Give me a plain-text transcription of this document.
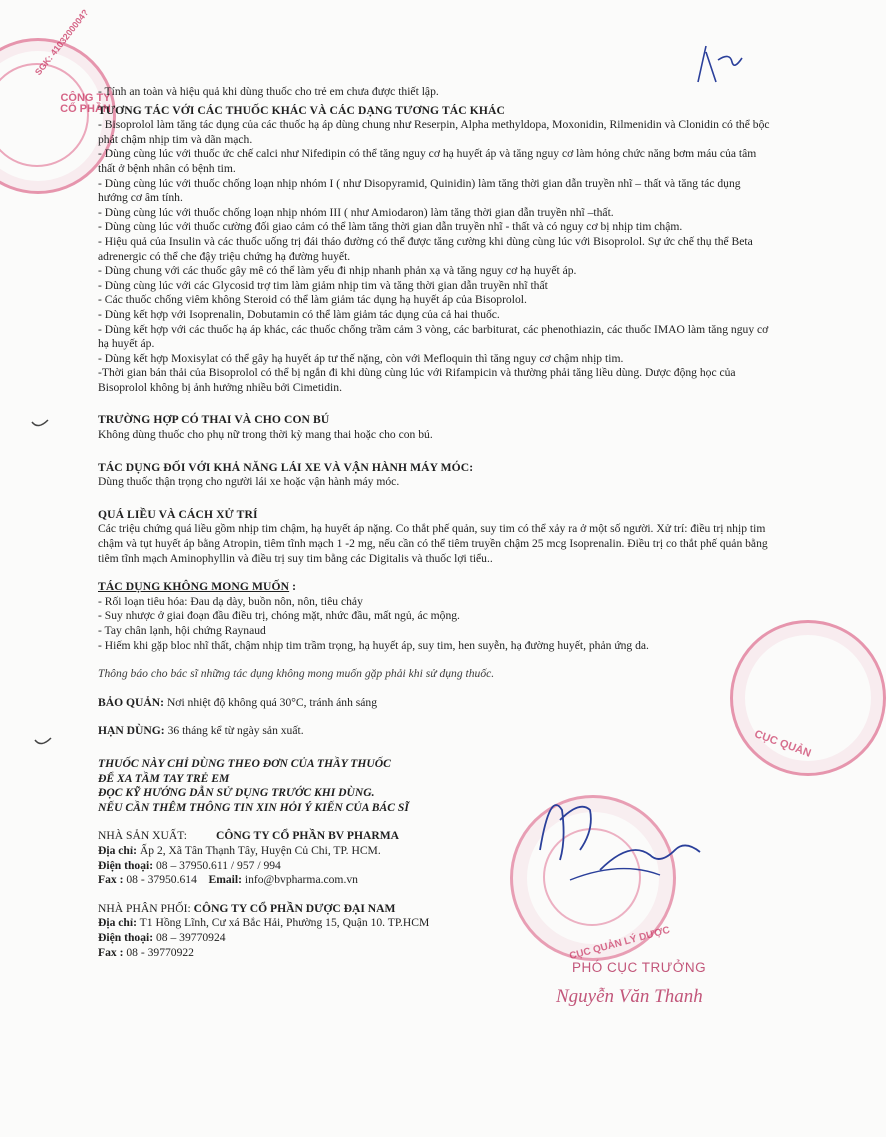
SGK: 4103200004?
CÔNG TY CỔ PHẦN
CỤC QUẢN
CỤC QUẢN LÝ DƯỢC
PHÓ CỤC TRƯỞNG
Nguyễn Văn Thanh

- Tính an toàn và hiệu quả khi dùng thuốc cho trẻ em chưa được thiết lập.

TƯƠNG TÁC VỚI CÁC THUỐC KHÁC VÀ CÁC DẠNG TƯƠNG TÁC KHÁC

- Bisoprolol làm tăng tác dụng của các thuốc hạ áp dùng chung như Reserpin, Alpha methyldopa, Moxonidin, Rilmenidin và Clonidin có thể bộc phát chậm nhịp tim và dãn mạch.

- Dùng cùng lúc với thuốc ức chế calci như Nifedipin có thể tăng nguy cơ hạ huyết áp và tăng nguy cơ làm hỏng chức năng bơm máu của tâm thất ở bệnh nhân có bệnh tim.

- Dùng cùng lúc với thuốc chống loạn nhịp nhóm I ( như Disopyramid, Quinidin) làm tăng thời gian dẫn truyền nhĩ – thất và tăng tác dụng hướng cơ âm tính.

- Dùng cùng lúc với thuốc chống loạn nhịp nhóm III ( như Amiodaron) làm tăng thời gian dẫn truyền nhĩ –thất.

- Dùng cùng lúc với thuốc cường đối giao cảm có thể làm tăng thời gian dẫn truyền nhĩ - thất và có nguy cơ bị nhịp tim chậm.

- Hiệu quả của Insulin và các thuốc uống trị đái tháo đường có thể được tăng cường khi dùng cùng lúc với Bisoprolol. Sự ức chế thụ thể Beta adrenergic có thể che đậy triệu chứng hạ đường huyết.

- Dùng chung với các thuốc gây mê có thể làm yếu đi nhịp nhanh phản xạ và tăng nguy cơ hạ huyết áp.

- Dùng cùng lúc với các Glycosid trợ tim làm giảm nhịp tim và tăng thời gian dẫn truyền nhĩ thất

- Các thuốc chống viêm không Steroid có thể làm giảm tác dụng hạ huyết áp của Bisoprolol.

- Dùng kết hợp với Isoprenalin, Dobutamin có thể làm giảm tác dụng của cả hai thuốc.

- Dùng kết hợp với các thuốc hạ áp khác, các thuốc chống trầm cảm 3 vòng, các barbiturat, các phenothiazin, các thuốc IMAO làm tăng nguy cơ hạ huyết áp.

- Dùng kết hợp Moxisylat có thể gây hạ huyết áp tư thế nặng, còn với Mefloquin thì tăng nguy cơ chậm nhịp tim.

-Thời gian bán thải của Bisoprolol có thể bị ngắn đi khi dùng cùng lúc với Rifampicin và thường phải tăng liều dùng. Dược động học của Bisoprolol không bị ảnh hưởng nhiều bởi Cimetidin.

TRƯỜNG HỢP CÓ THAI VÀ CHO CON BÚ

Không dùng thuốc cho phụ nữ trong thời kỳ mang thai hoặc cho con bú.

TÁC DỤNG ĐỐI VỚI KHẢ NĂNG LÁI XE VÀ VẬN HÀNH MÁY MÓC:

Dùng thuốc thận trọng cho người lái xe hoặc vận hành máy móc.

QUÁ LIỀU VÀ CÁCH XỬ TRÍ

Các triệu chứng quá liều gồm nhịp tim chậm, hạ huyết áp nặng. Co thắt phế quản, suy tim có thể xảy ra ở một số người. Xử trí: điều trị nhịp tim chậm và tụt huyết áp bằng Atropin, tiêm tĩnh mạch 1 -2 mg, nếu cần có thể tiêm truyền chậm 25 mcg Isoprenalin. Điều trị co thắt phế quản bằng tiêm tĩnh mạch Aminophyllin và điều trị suy tim bằng các Digitalis và thuốc lợi tiểu..

TÁC DỤNG KHÔNG MONG MUỐN :

- Rối loạn tiêu hóa: Đau dạ dày, buồn nôn, nôn, tiêu chảy

- Suy nhược ở giai đoạn đầu điều trị, chóng mặt, nhức đầu, mất ngủ, ác mộng.

- Tay chân lạnh, hội chứng Raynaud

- Hiếm khi gặp bloc nhĩ thất, chậm nhịp tim trầm trọng, hạ huyết áp, suy tim, hen suyễn, hạ đường huyết, phản ứng da.

Thông báo cho bác sĩ những tác dụng không mong muốn gặp phải khi sử dụng thuốc.

BẢO QUẢN: Nơi nhiệt độ không quá 30°C, tránh ánh sáng

HẠN DÙNG: 36 tháng kể từ ngày sản xuất.

THUỐC NÀY CHỈ DÙNG THEO ĐƠN CỦA THẦY THUỐC

ĐỂ XA TẦM TAY TRẺ EM

ĐỌC KỸ HƯỚNG DẪN SỬ DỤNG TRƯỚC KHI DÙNG.

NẾU CẦN THÊM THÔNG TIN XIN HỎI Ý KIẾN CỦA BÁC SĨ

NHÀ SẢN XUẤT:	CÔNG TY CỔ PHẦN BV PHARMA

Địa chỉ: Ấp 2, Xã Tân Thạnh Tây, Huyện Củ Chi, TP. HCM.

Điện thoại: 08 – 37950.611 / 957 / 994

Fax : 08 - 37950.614 Email: info@bvpharma.com.vn

NHÀ PHÂN PHỐI: CÔNG TY CỔ PHẦN DƯỢC ĐẠI NAM

Địa chỉ: T1 Hồng Lĩnh, Cư xá Bắc Hải, Phường 15, Quận 10. TP.HCM

Điện thoại: 08 – 39770924

Fax : 08 - 39770922
